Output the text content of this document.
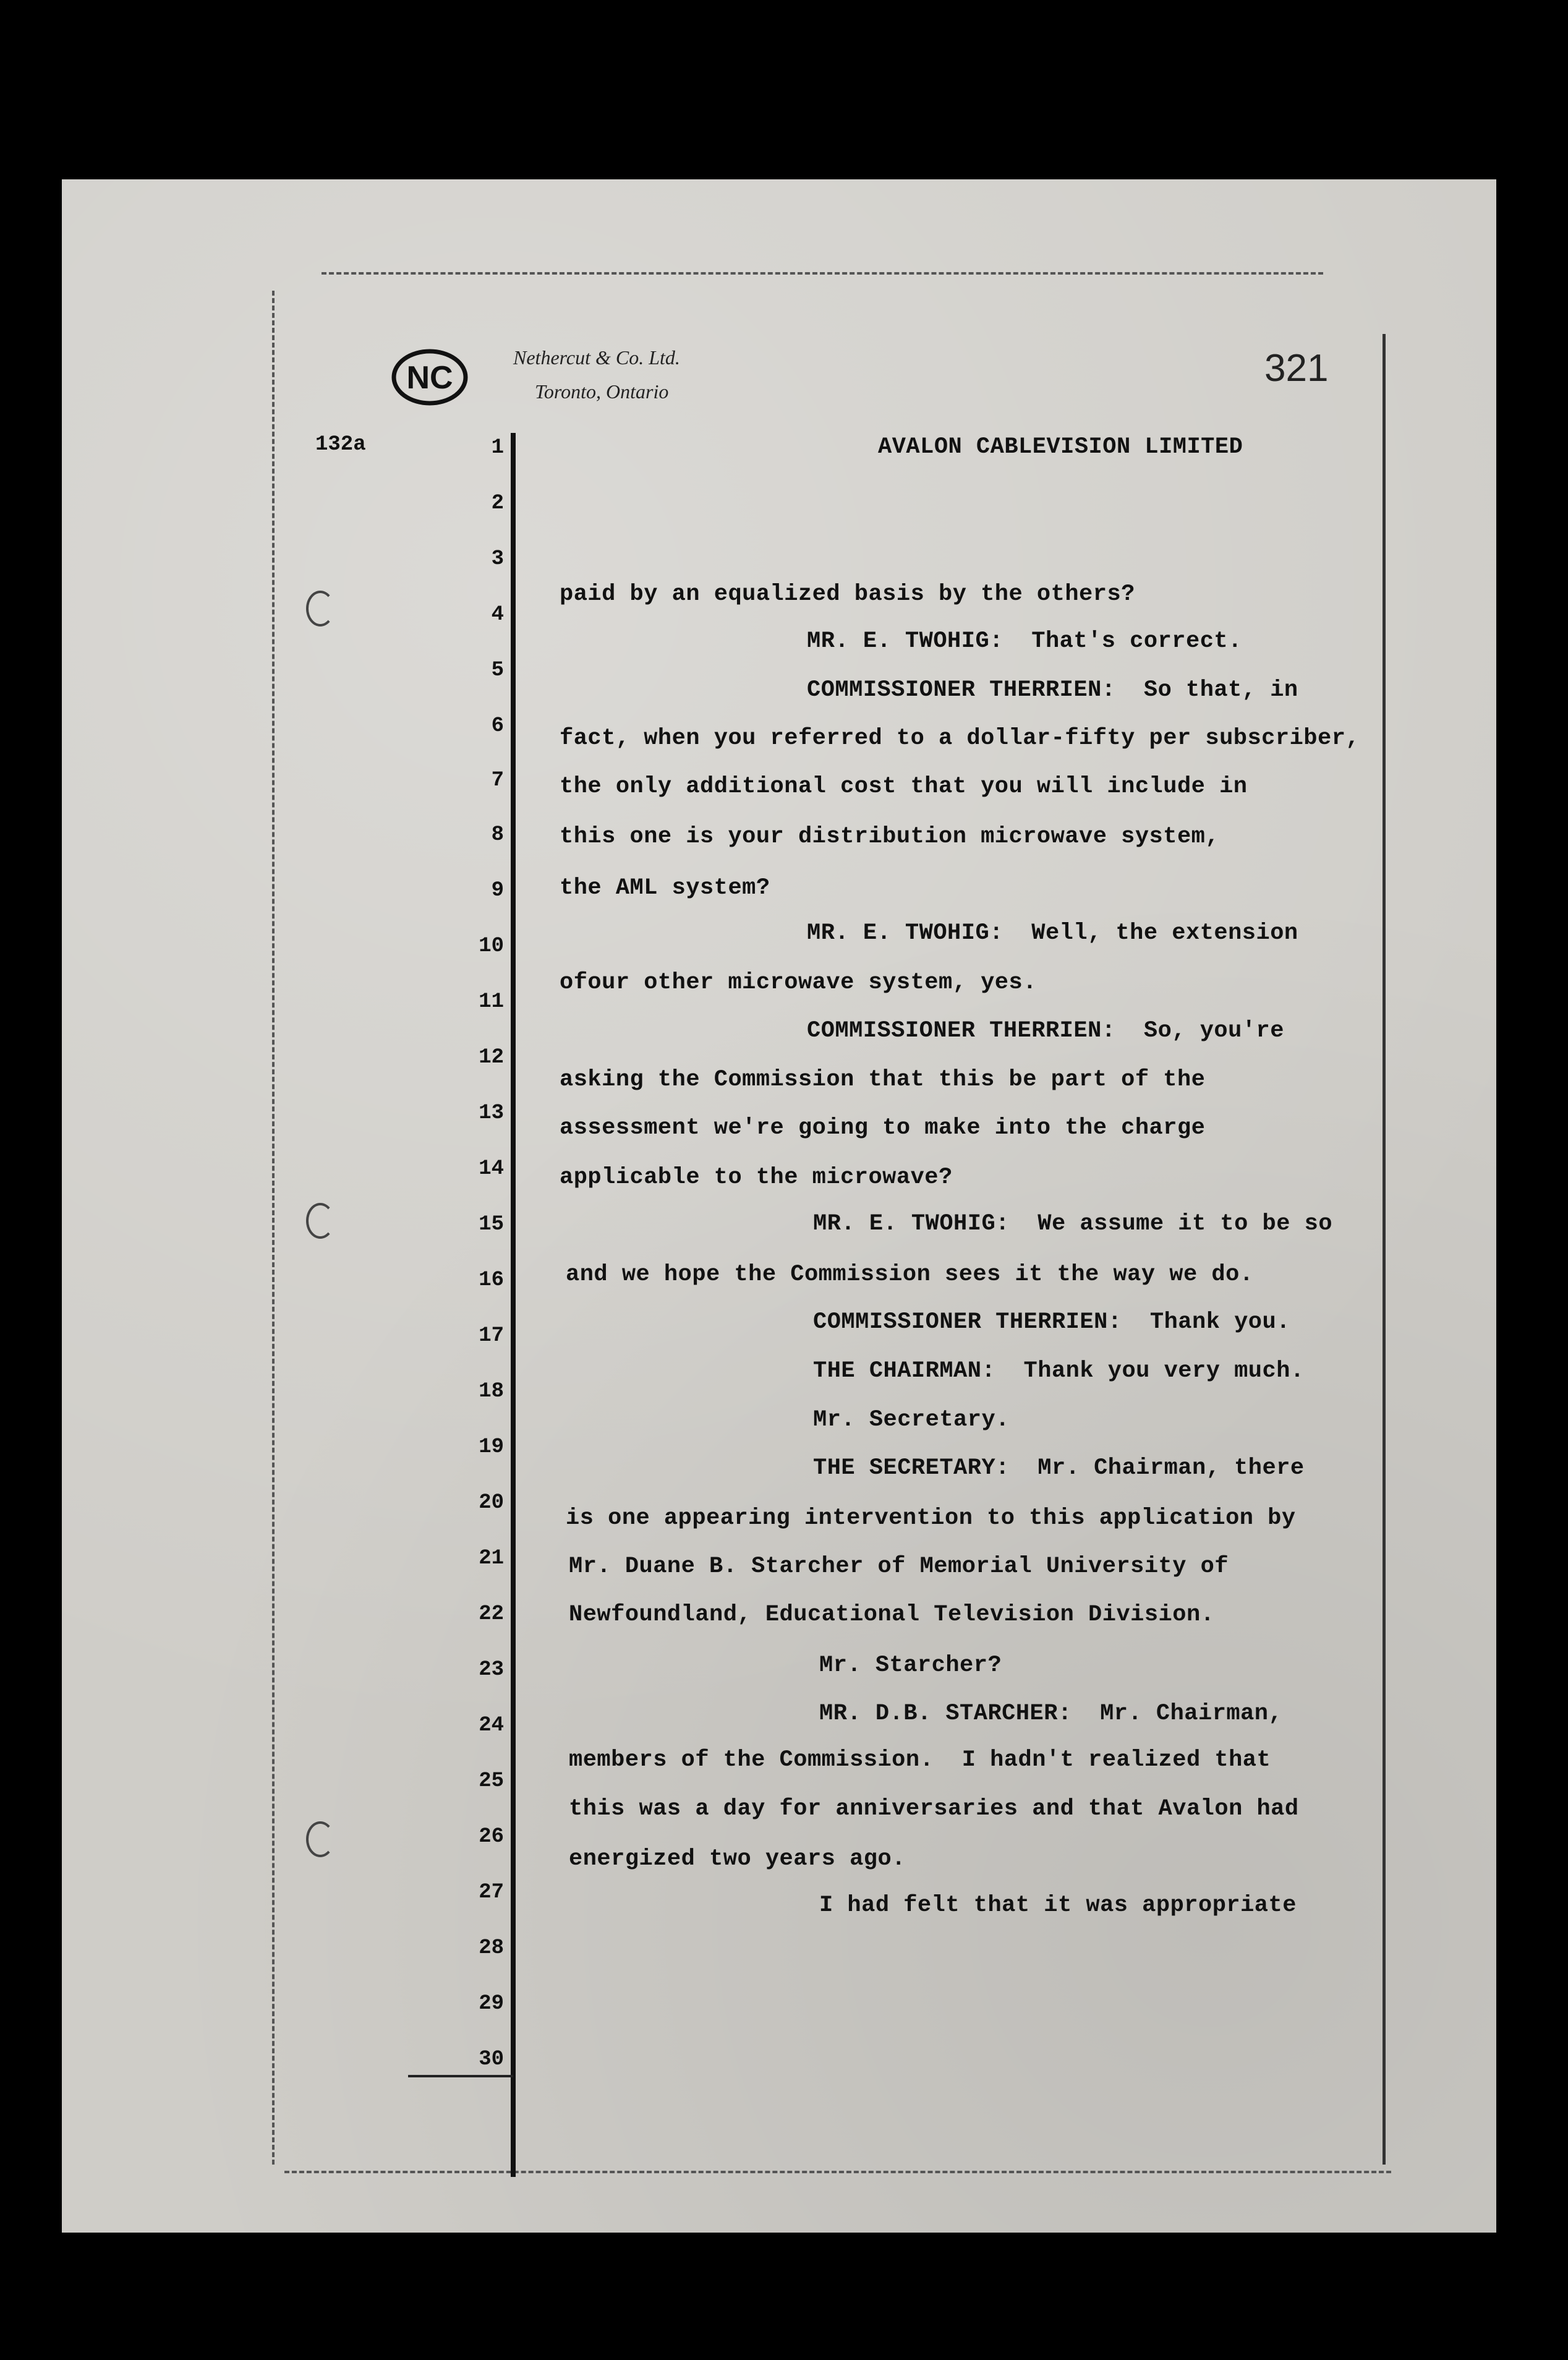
NC
Nethercut & Co. Ltd.
Toronto, Ontario
321
132a	1
2
3
4
5
6
7
8
9
10
11
12
13
14
15
16
17
18
19
20
21
22
23
24
25
26
27
28
29
30
AVALON CABLEVISION LIMITED
paid by an equalized basis by the others?
MR. E. TWOHIG:  That's correct.
COMMISSIONER THERRIEN:  So that, in
fact, when you referred to a dollar-fifty per subscriber,
the only additional cost that you will include in
this one is your distribution microwave system,
the AML system?
MR. E. TWOHIG:  Well, the extension
ofour other microwave system, yes.
COMMISSIONER THERRIEN:  So, you're
asking the Commission that this be part of the
assessment we're going to make into the charge
applicable to the microwave?
MR. E. TWOHIG:  We assume it to be so
and we hope the Commission sees it the way we do.
COMMISSIONER THERRIEN:  Thank you.
THE CHAIRMAN:  Thank you very much.
Mr. Secretary.
THE SECRETARY:  Mr. Chairman, there
is one appearing intervention to this application by
Mr. Duane B. Starcher of Memorial University of
Newfoundland, Educational Television Division.
Mr. Starcher?
MR. D.B. STARCHER:  Mr. Chairman,
members of the Commission.  I hadn't realized that
this was a day for anniversaries and that Avalon had
energized two years ago.
I had felt that it was appropriate
